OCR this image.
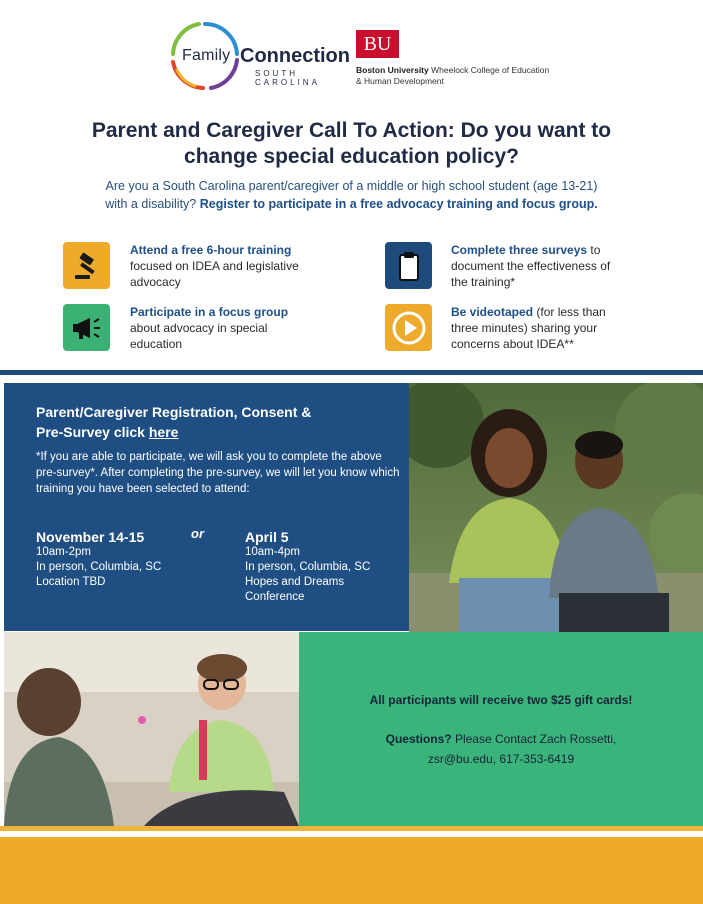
Family Connection
SOUTH CAROLINA
BU
Boston University Wheelock College of Education
& Human Development
Parent and Caregiver Call To Action: Do you want to
change special education policy?
Are you a South Carolina parent/caregiver of a middle or high school student (age 13-21)
with a disability? Register to participate in a free advocacy training and focus group.
Attend a free 6-hour training
focused on IDEA and legislative
advocacy
Complete three surveys to
document the effectiveness of
the training*
Participate in a focus group
about advocacy in special
education
Be videotaped (for less than
three minutes) sharing your
concerns about IDEA**
Parent/Caregiver Registration, Consent &
Pre-Survey click here
*If you are able to participate, we will ask you to complete the above pre-survey*. After completing the pre-survey, we will let you know which training you have been selected to attend:
or
November 14-15
10am-2pm
In person, Columbia, SC
Location TBD
April 5
10am-4pm
In person, Columbia, SC
Hopes and Dreams
Conference
All participants will receive two $25 gift cards!
Questions? Please Contact Zach Rossetti,
zsr@bu.edu, 617-353-6419
